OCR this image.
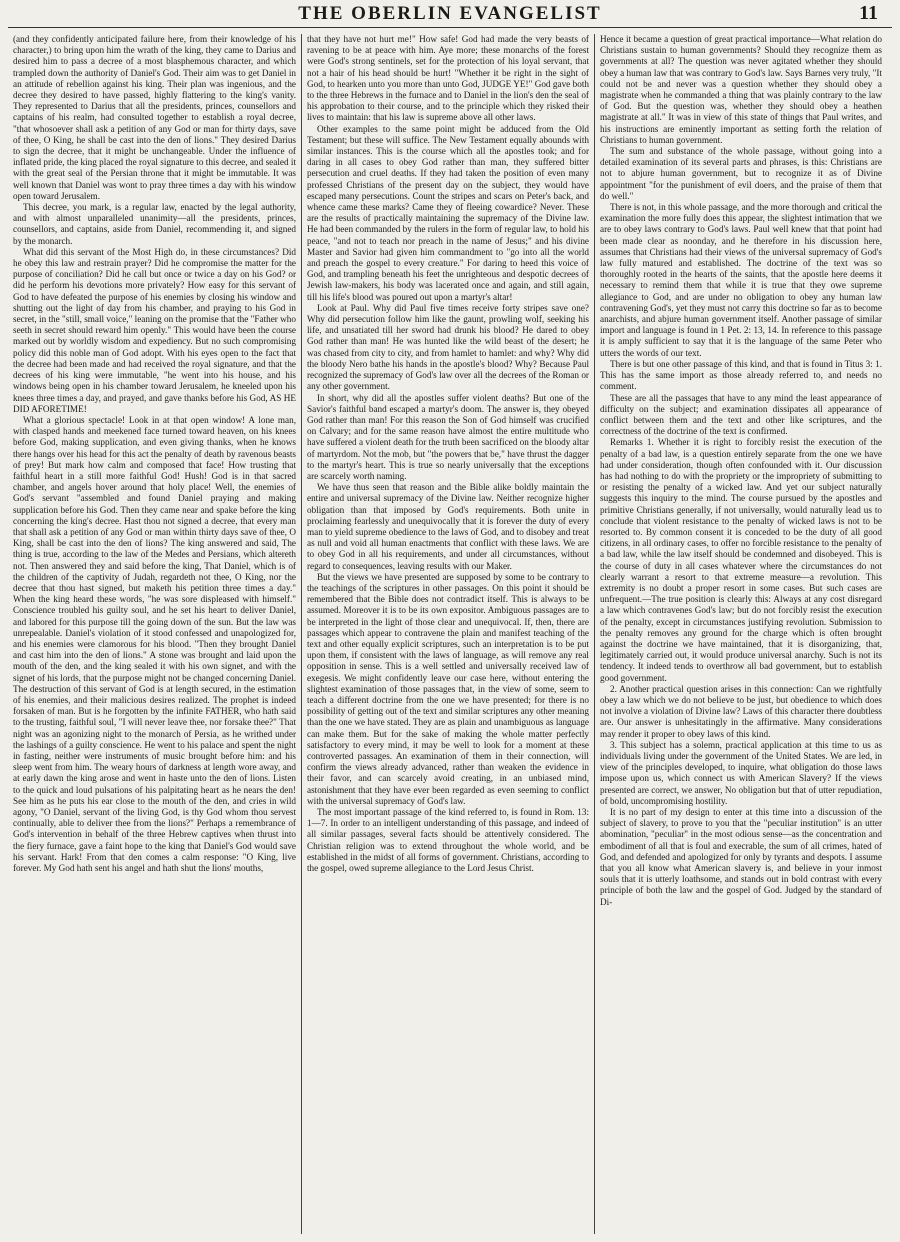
THE OBERLIN EVANGELIST	11

(and they confidently anticipated failure here, from their knowledge of his character,) to bring upon him the wrath of the king, they came to Darius and desired him to pass a decree of a most blasphemous character, and which trampled down the authority of Daniel's God. Their aim was to get Daniel in an attitude of rebellion against his king. Their plan was ingenious, and the decree they desired to have passed, highly flattering to the king's vanity. They represented to Darius that all the presidents, princes, counsellors and captains of his realm, had consulted together to establish a royal decree, "that whosoever shall ask a petition of any God or man for thirty days, save of thee, O King, he shall be cast into the den of lions." They desired Darius to sign the decree, that it might be unchangeable. Under the influence of inflated pride, the king placed the royal signature to this decree, and sealed it with the great seal of the Persian throne that it might be immutable. It was well known that Daniel was wont to pray three times a day with his window open toward Jerusalem.

This decree, you mark, is a regular law, enacted by the legal authority, and with almost unparalleled unanimity—all the presidents, princes, counsellors, and captains, aside from Daniel, recommending it, and signed by the monarch.

What did this servant of the Most High do, in these circumstances? Did he obey this law and restrain prayer? Did he compromise the matter for the purpose of conciliation? Did he call but once or twice a day on his God? or did he perform his devotions more privately? How easy for this servant of God to have defeated the purpose of his enemies by closing his window and shutting out the light of day from his chamber, and praying to his God in secret, in the "still, small voice," leaning on the promise that the "Father who seeth in secret should reward him openly." This would have been the course marked out by worldly wisdom and expediency. But no such compromising policy did this noble man of God adopt. With his eyes open to the fact that the decree had been made and had received the royal signature, and that the decrees of his king were immutable, "he went into his house, and his windows being open in his chamber toward Jerusalem, he kneeled upon his knees three times a day, and prayed, and gave thanks before his God, AS HE DID AFORETIME!

What a glorious spectacle! Look in at that open window! A lone man, with clasped hands and meekened face turned toward heaven, on his knees before God, making supplication, and even giving thanks, when he knows there hangs over his head for this act the penalty of death by ravenous beasts of prey! But mark how calm and composed that face! How trusting that faithful heart in a still more faithful God! Hush! God is in that sacred chamber, and angels hover around that holy place! Well, the enemies of God's servant "assembled and found Daniel praying and making supplication before his God. Then they came near and spake before the king concerning the king's decree. Hast thou not signed a decree, that every man that shall ask a petition of any God or man within thirty days save of thee, O King, shall be cast into the den of lions? The king answered and said, The thing is true, according to the law of the Medes and Persians, which altereth not. Then answered they and said before the king, That Daniel, which is of the children of the captivity of Judah, regardeth not thee, O King, nor the decree that thou hast signed, but maketh his petition three times a day." When the king heard these words, "he was sore displeased with himself." Conscience troubled his guilty soul, and he set his heart to deliver Daniel, and labored for this purpose till the going down of the sun. But the law was unrepealable. Daniel's violation of it stood confessed and unapologized for, and his enemies were clamorous for his blood. "Then they brought Daniel and cast him into the den of lions." A stone was brought and laid upon the mouth of the den, and the king sealed it with his own signet, and with the signet of his lords, that the purpose might not be changed concerning Daniel. The destruction of this servant of God is at length secured, in the estimation of his enemies, and their malicious desires realized. The prophet is indeed forsaken of man. But is he forgotten by the infinite FATHER, who hath said to the trusting, faithful soul, "I will never leave thee, nor forsake thee?" That night was an agonizing night to the monarch of Persia, as he writhed under the lashings of a guilty conscience. He went to his palace and spent the night in fasting, neither were instruments of music brought before him: and his sleep went from him. The weary hours of darkness at length wore away, and at early dawn the king arose and went in haste unto the den of lions. Listen to the quick and loud pulsations of his palpitating heart as he nears the den! See him as he puts his ear close to the mouth of the den, and cries in wild agony, "O Daniel, servant of the living God, is thy God whom thou servest continually, able to deliver thee from the lions?" Perhaps a remembrance of God's intervention in behalf of the three Hebrew captives when thrust into the fiery furnace, gave a faint hope to the king that Daniel's God would save his servant. Hark! From that den comes a calm response: "O King, live forever. My God hath sent his angel and hath shut the lions' mouths,

that they have not hurt me!" How safe! God had made the very beasts of ravening to be at peace with him. Aye more; these monarchs of the forest were God's strong sentinels, set for the protection of his loyal servant, that not a hair of his head should be hurt! "Whether it be right in the sight of God, to hearken unto you more than unto God, JUDGE YE!" God gave both to the three Hebrews in the furnace and to Daniel in the lion's den the seal of his approbation to their course, and to the principle which they risked their lives to maintain: that his law is supreme above all other laws.

Other examples to the same point might be adduced from the Old Testament; but these will suffice. The New Testament equally abounds with similar instances. This is the course which all the apostles took; and for daring in all cases to obey God rather than man, they suffered bitter persecution and cruel deaths. If they had taken the position of even many professed Christians of the present day on the subject, they would have escaped many persecutions. Count the stripes and scars on Peter's back, and whence came these marks? Came they of fleeing cowardice? Never. These are the results of practically maintaining the supremacy of the Divine law. He had been commanded by the rulers in the form of regular law, to hold his peace, "and not to teach nor preach in the name of Jesus;" and his divine Master and Savior had given him commandment to "go into all the world and preach the gospel to every creature." For daring to heed this voice of God, and trampling beneath his feet the unrighteous and despotic decrees of Jewish law-makers, his body was lacerated once and again, and still again, till his life's blood was poured out upon a martyr's altar!

Look at Paul. Why did Paul five times receive forty stripes save one? Why did persecution follow him like the gaunt, prowling wolf, seeking his life, and unsatiated till her sword had drunk his blood? He dared to obey God rather than man! He was hunted like the wild beast of the desert; he was chased from city to city, and from hamlet to hamlet: and why? Why did the bloody Nero bathe his hands in the apostle's blood? Why? Because Paul recognized the supremacy of God's law over all the decrees of the Roman or any other government.

In short, why did all the apostles suffer violent deaths? But one of the Savior's faithful band escaped a martyr's doom. The answer is, they obeyed God rather than man! For this reason the Son of God himself was crucified on Calvary; and for the same reason have almost the entire multitude who have suffered a violent death for the truth been sacrificed on the bloody altar of martyrdom. Not the mob, but "the powers that be," have thrust the dagger to the martyr's heart. This is true so nearly universally that the exceptions are scarcely worth naming.

We have thus seen that reason and the Bible alike boldly maintain the entire and universal supremacy of the Divine law. Neither recognize higher obligation than that imposed by God's requirements. Both unite in proclaiming fearlessly and unequivocally that it is forever the duty of every man to yield supreme obedience to the laws of God, and to disobey and treat as null and void all human enactments that conflict with these laws. We are to obey God in all his requirements, and under all circumstances, without regard to consequences, leaving results with our Maker.

But the views we have presented are supposed by some to be contrary to the teachings of the scriptures in other passages. On this point it should be remembered that the Bible does not contradict itself. This is always to be assumed. Moreover it is to be its own expositor. Ambiguous passages are to be interpreted in the light of those clear and unequivocal. If, then, there are passages which appear to contravene the plain and manifest teaching of the text and other equally explicit scriptures, such an interpretation is to be put upon them, if consistent with the laws of language, as will remove any real opposition in sense. This is a well settled and universally received law of exegesis. We might confidently leave our case here, without entering the slightest examination of those passages that, in the view of some, seem to teach a different doctrine from the one we have presented; for there is no possibility of getting out of the text and similar scriptures any other meaning than the one we have stated. They are as plain and unambiguous as language can make them. But for the sake of making the whole matter perfectly satisfactory to every mind, it may be well to look for a moment at these controverted passages. An examination of them in their connection, will confirm the views already advanced, rather than weaken the evidence in their favor, and can scarcely avoid creating, in an unbiased mind, astonishment that they have ever been regarded as even seeming to conflict with the universal supremacy of God's law.

The most important passage of the kind referred to, is found in Rom. 13: 1—7. In order to an intelligent understanding of this passage, and indeed of all similar passages, several facts should be attentively considered. The Christian religion was to extend throughout the whole world, and be established in the midst of all forms of government. Christians, according to the gospel, owed supreme allegiance to the Lord Jesus Christ.

Hence it became a question of great practical importance—What relation do Christians sustain to human governments? Should they recognize them as governments at all? The question was never agitated whether they should obey a human law that was contrary to God's law. Says Barnes very truly, "It could not be and never was a question whether they should obey a magistrate when he commanded a thing that was plainly contrary to the law of God. But the question was, whether they should obey a heathen magistrate at all." It was in view of this state of things that Paul writes, and his instructions are eminently important as setting forth the relation of Christians to human government.

The sum and substance of the whole passage, without going into a detailed examination of its several parts and phrases, is this: Christians are not to abjure human government, but to recognize it as of Divine appointment "for the punishment of evil doers, and the praise of them that do well."

There is not, in this whole passage, and the more thorough and critical the examination the more fully does this appear, the slightest intimation that we are to obey laws contrary to God's laws. Paul well knew that that point had been made clear as noonday, and he therefore in his discussion here, assumes that Christians had their views of the universal supremacy of God's law fully matured and established. The doctrine of the text was so thoroughly rooted in the hearts of the saints, that the apostle here deems it necessary to remind them that while it is true that they owe supreme allegiance to God, and are under no obligation to obey any human law contravening God's, yet they must not carry this doctrine so far as to become anarchists, and abjure human government itself. Another passage of similar import and language is found in 1 Pet. 2: 13, 14. In reference to this passage it is amply sufficient to say that it is the language of the same Peter who utters the words of our text.

There is but one other passage of this kind, and that is found in Titus 3: 1. This has the same import as those already referred to, and needs no comment.

These are all the passages that have to any mind the least appearance of difficulty on the subject; and examination dissipates all appearance of conflict between them and the text and other like scriptures, and the correctness of the doctrine of the text is confirmed.

Remarks 1. Whether it is right to forcibly resist the execution of the penalty of a bad law, is a question entirely separate from the one we have had under consideration, though often confounded with it. Our discussion has had nothing to do with the propriety or the impropriety of submitting to or resisting the penalty of a wicked law. And yet our subject naturally suggests this inquiry to the mind. The course pursued by the apostles and primitive Christians generally, if not universally, would naturally lead us to conclude that violent resistance to the penalty of wicked laws is not to be resorted to. By common consent it is conceded to be the duty of all good citizens, in all ordinary cases, to offer no forcible resistance to the penalty of a bad law, while the law itself should be condemned and disobeyed. This is the course of duty in all cases whatever where the circumstances do not clearly warrant a resort to that extreme measure—a revolution. This extremity is no doubt a proper resort in some cases. But such cases are unfrequent.—The true position is clearly this: Always at any cost disregard a law which contravenes God's law; but do not forcibly resist the execution of the penalty, except in circumstances justifying revolution. Submission to the penalty removes any ground for the charge which is often brought against the doctrine we have maintained, that it is disorganizing, that, legitimately carried out, it would produce universal anarchy. Such is not its tendency. It indeed tends to overthrow all bad government, but to establish good government.

2. Another practical question arises in this connection: Can we rightfully obey a law which we do not believe to be just, but obedience to which does not involve a violation of Divine law? Laws of this character there doubtless are. Our answer is unhesitatingly in the affirmative. Many considerations may render it proper to obey laws of this kind.

3. This subject has a solemn, practical application at this time to us as individuals living under the government of the United States. We are led, in view of the principles developed, to inquire, what obligation do those laws impose upon us, which connect us with American Slavery? If the views presented are correct, we answer, No obligation but that of utter repudiation, of bold, uncompromising hostility.

It is no part of my design to enter at this time into a discussion of the subject of slavery, to prove to you that the "peculiar institution" is an utter abomination, "peculiar" in the most odious sense—as the concentration and embodiment of all that is foul and execrable, the sum of all crimes, hated of God, and defended and apologized for only by tyrants and despots. I assume that you all know what American slavery is, and believe in your inmost souls that it is utterly loathsome, and stands out in bold contrast with every principle of both the law and the gospel of God. Judged by the standard of Di-
